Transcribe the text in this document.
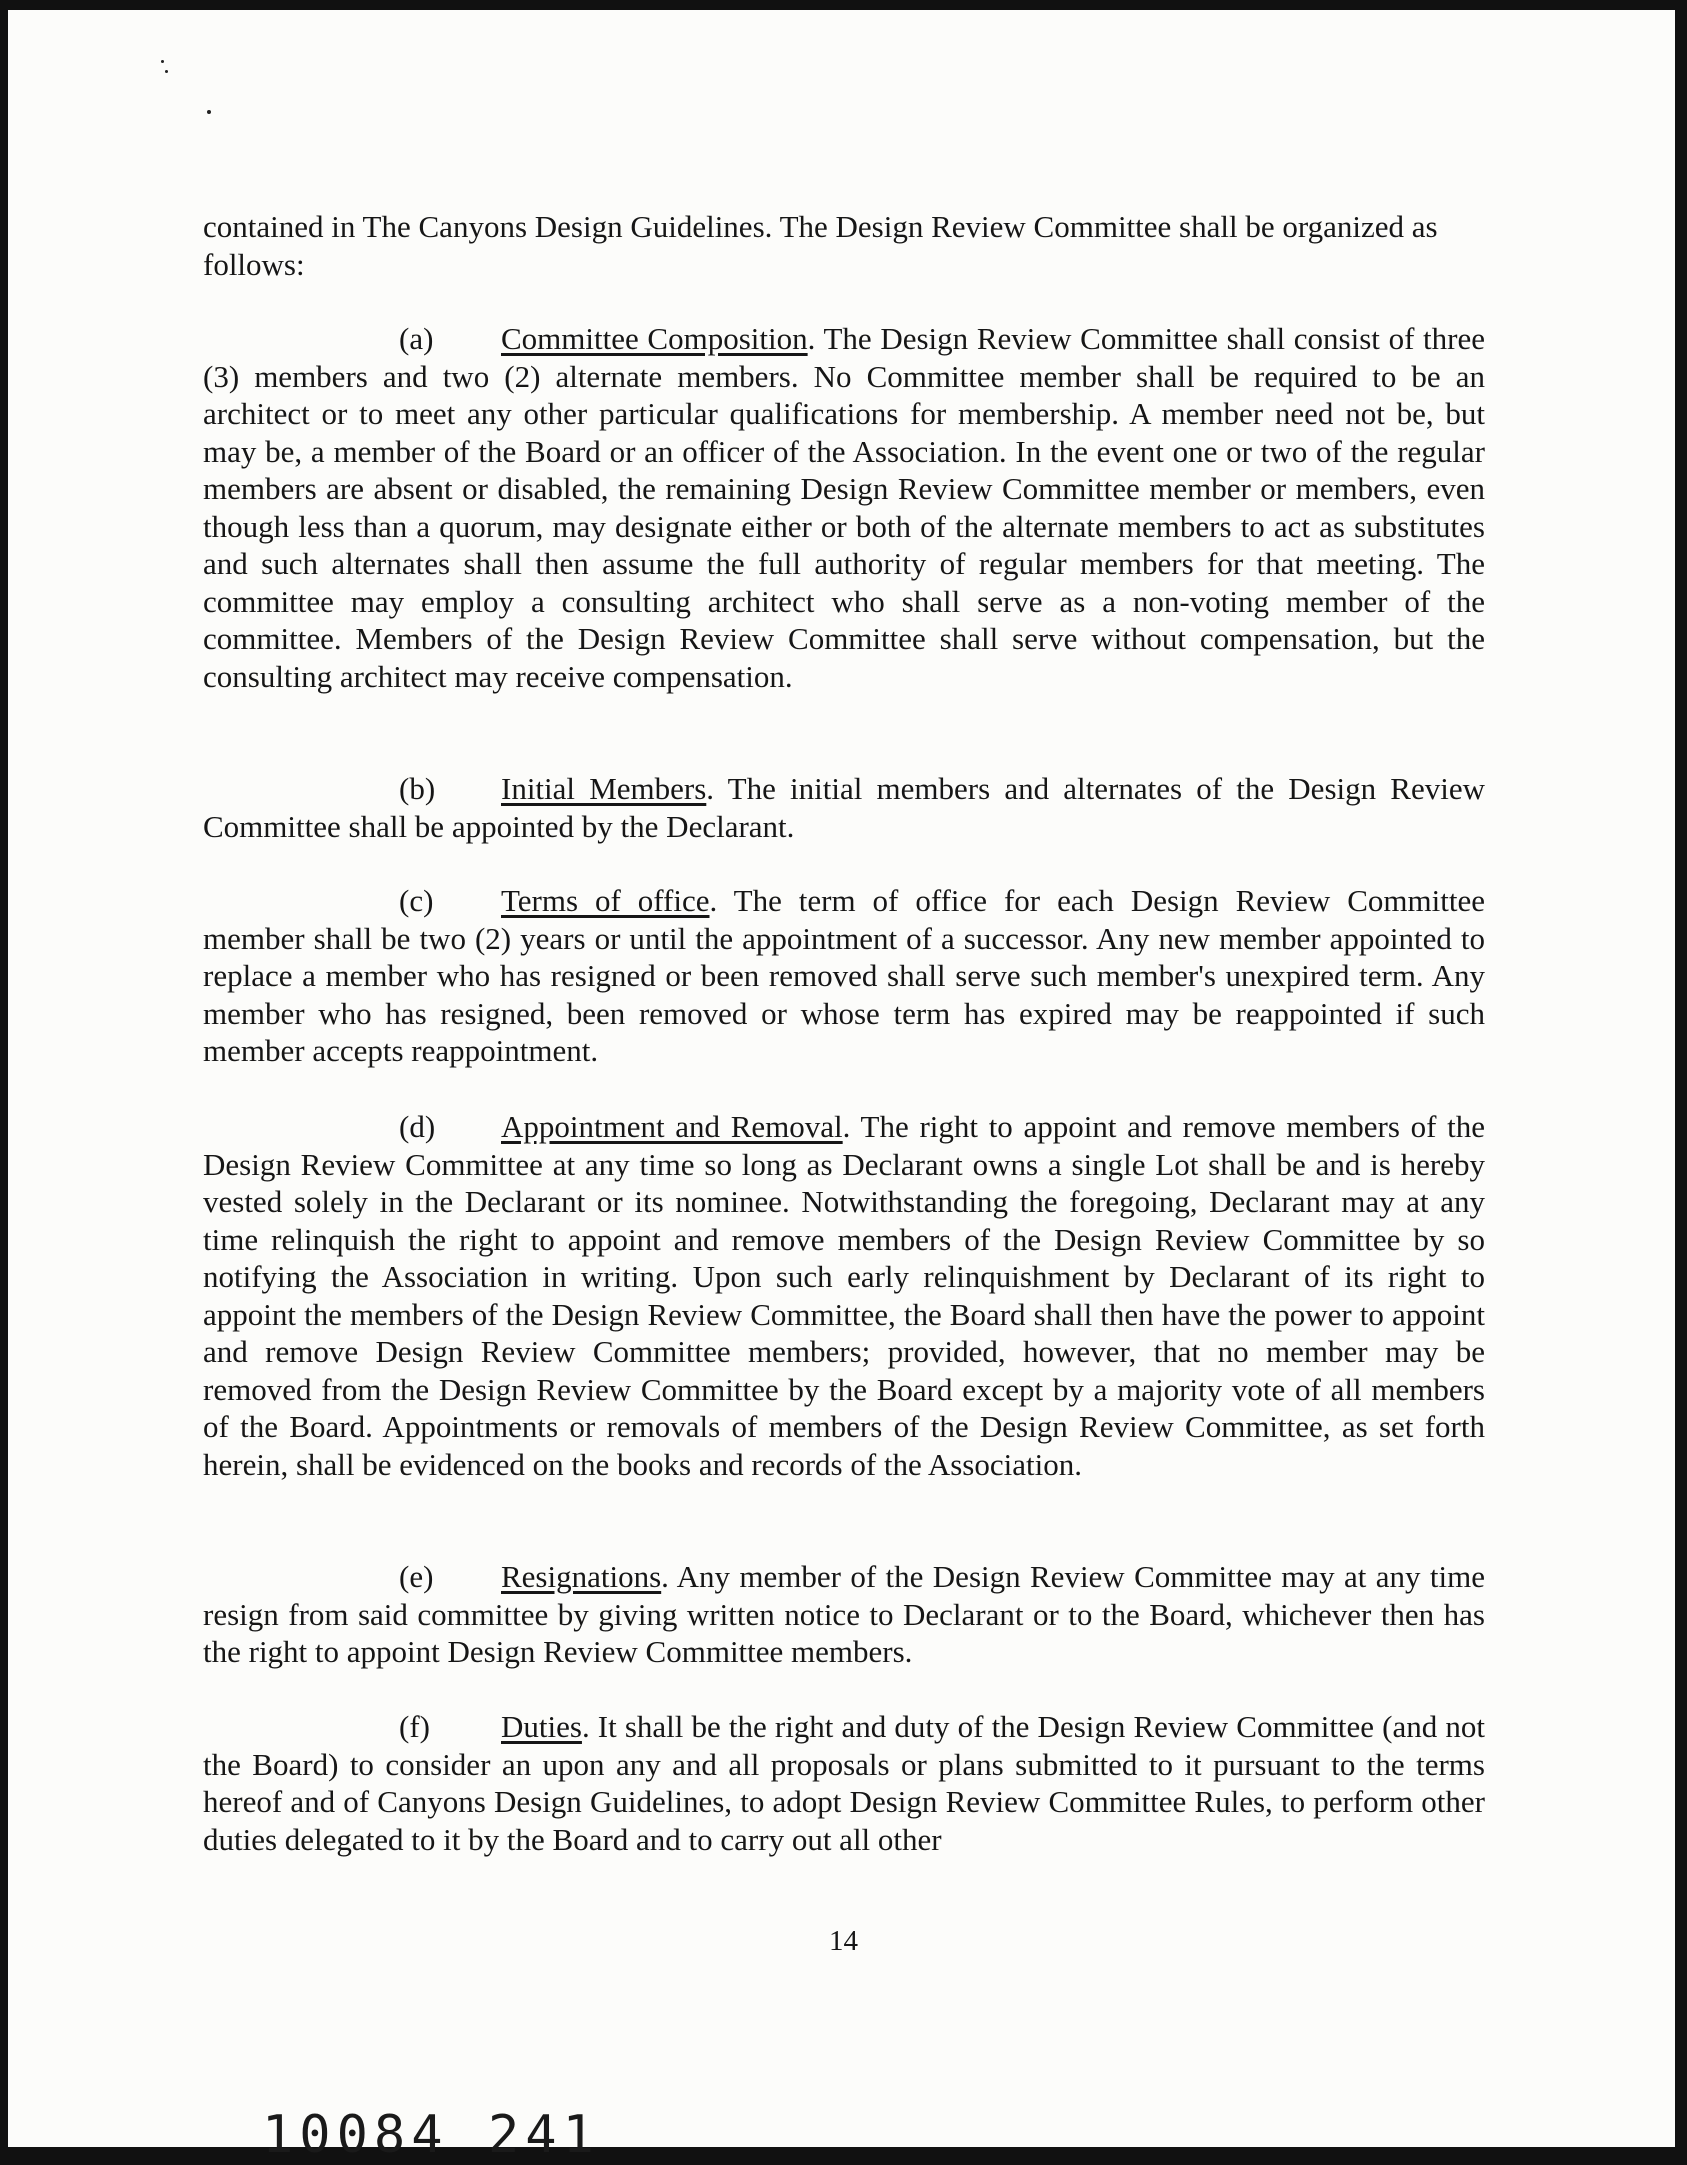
contained in The Canyons Design Guidelines. The Design Review Committee shall be organized as follows:

(a) Committee Composition. The Design Review Committee shall consist of three (3) members and two (2) alternate members. No Committee member shall be required to be an architect or to meet any other particular qualifications for membership. A member need not be, but may be, a member of the Board or an officer of the Association. In the event one or two of the regular members are absent or disabled, the remaining Design Review Committee member or members, even though less than a quorum, may designate either or both of the alternate members to act as substitutes and such alternates shall then assume the full authority of regular members for that meeting. The committee may employ a consulting architect who shall serve as a non-voting member of the committee. Members of the Design Review Committee shall serve without compensation, but the consulting architect may receive compensation.

(b) Initial Members. The initial members and alternates of the Design Review Committee shall be appointed by the Declarant.

(c) Terms of office. The term of office for each Design Review Committee member shall be two (2) years or until the appointment of a successor. Any new member appointed to replace a member who has resigned or been removed shall serve such member's unexpired term. Any member who has resigned, been removed or whose term has expired may be reappointed if such member accepts reappointment.

(d) Appointment and Removal. The right to appoint and remove members of the Design Review Committee at any time so long as Declarant owns a single Lot shall be and is hereby vested solely in the Declarant or its nominee. Notwithstanding the foregoing, Declarant may at any time relinquish the right to appoint and remove members of the Design Review Committee by so notifying the Association in writing. Upon such early relinquishment by Declarant of its right to appoint the members of the Design Review Committee, the Board shall then have the power to appoint and remove Design Review Committee members; provided, however, that no member may be removed from the Design Review Committee by the Board except by a majority vote of all members of the Board. Appointments or removals of members of the Design Review Committee, as set forth herein, shall be evidenced on the books and records of the Association.

(e) Resignations. Any member of the Design Review Committee may at any time resign from said committee by giving written notice to Declarant or to the Board, whichever then has the right to appoint Design Review Committee members.

(f) Duties. It shall be the right and duty of the Design Review Committee (and not the Board) to consider an upon any and all proposals or plans submitted to it pursuant to the terms hereof and of Canyons Design Guidelines, to adopt Design Review Committee Rules, to perform other duties delegated to it by the Board and to carry out all other

14
10084 241
